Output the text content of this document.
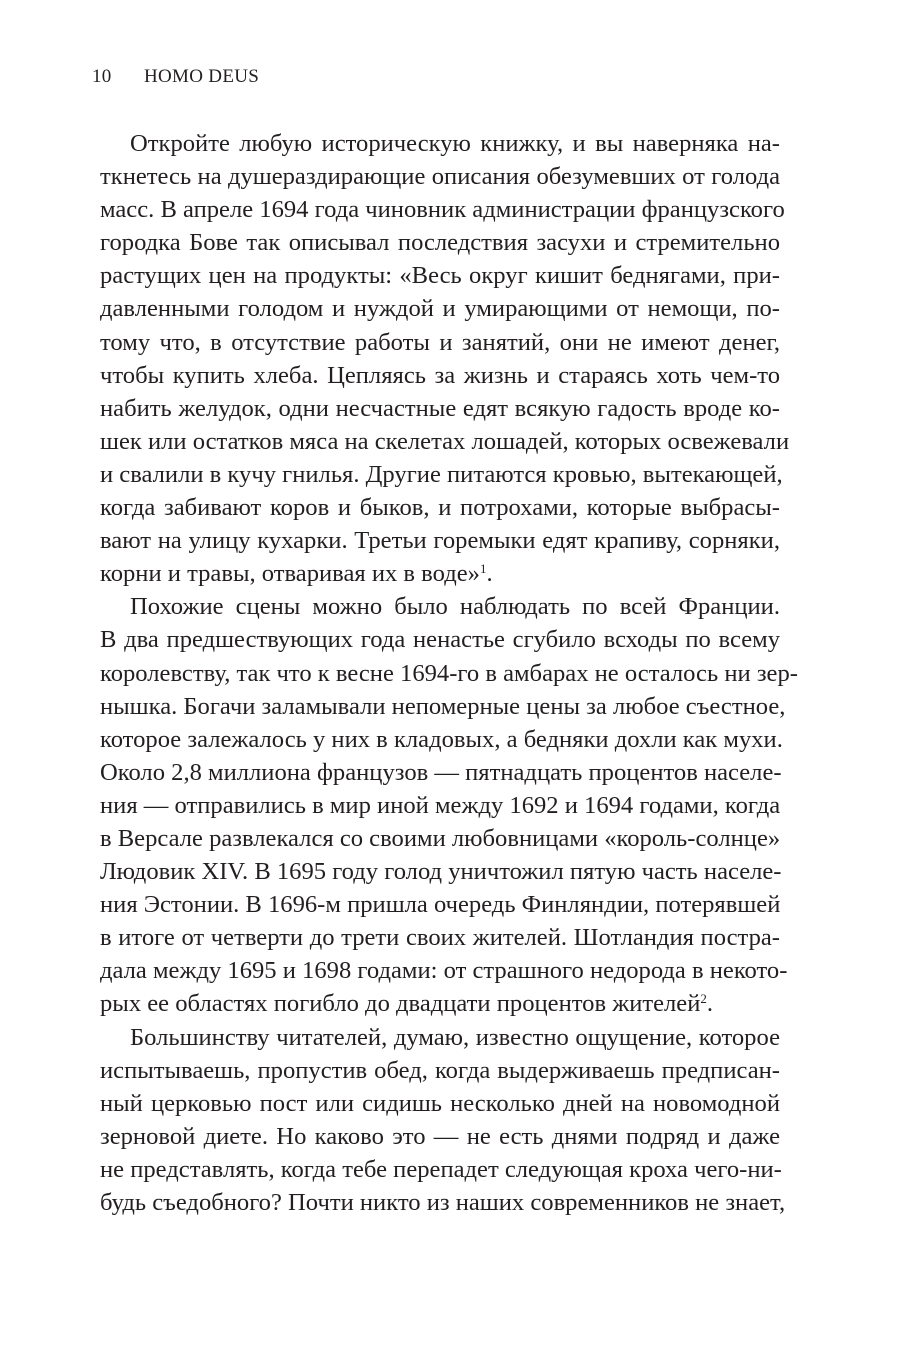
10 HOMO DEUS
Откройте любую историческую книжку, и вы наверняка на-
ткнетесь на душераздирающие описания обезумевших от голода
масс. В апреле 1694 года чиновник администрации французского
городка Бове так описывал последствия засухи и стремительно
растущих цен на продукты: «Весь округ кишит беднягами, при-
давленными голодом и нуждой и умирающими от немощи, по-
тому что, в отсутствие работы и занятий, они не имеют денег,
чтобы купить хлеба. Цепляясь за жизнь и стараясь хоть чем-то
набить желудок, одни несчастные едят всякую гадость вроде ко-
шек или остатков мяса на скелетах лошадей, которых освежевали
и свалили в кучу гнилья. Другие питаются кровью, вытекающей,
когда забивают коров и быков, и потрохами, которые выбрасы-
вают на улицу кухарки. Третьи горемыки едят крапиву, сорняки,
корни и травы, отваривая их в воде»$^1$.
Похожие сцены можно было наблюдать по всей Франции.
В два предшествующих года ненастье сгубило всходы по всему
королевству, так что к весне 1694-го в амбарах не осталось ни зер-
нышка. Богачи заламывали непомерные цены за любое съестное,
которое залежалось у них в кладовых, а бедняки дохли как мухи.
Около 2,8 миллиона французов — пятнадцать процентов населе-
ния — отправились в мир иной между 1692 и 1694 годами, когда
в Версале развлекался со своими любовницами «король-солнце»
Людовик XIV. В 1695 году голод уничтожил пятую часть населе-
ния Эстонии. В 1696-м пришла очередь Финляндии, потерявшей
в итоге от четверти до трети своих жителей. Шотландия постра-
дала между 1695 и 1698 годами: от страшного недорода в некото-
рых ее областях погибло до двадцати процентов жителей$^2$.
Большинству читателей, думаю, известно ощущение, которое
испытываешь, пропустив обед, когда выдерживаешь предписан-
ный церковью пост или сидишь несколько дней на новомодной
зерновой диете. Но каково это — не есть днями подряд и даже
не представлять, когда тебе перепадет следующая кроха чего-ни-
будь съедобного? Почти никто из наших современников не знает,
